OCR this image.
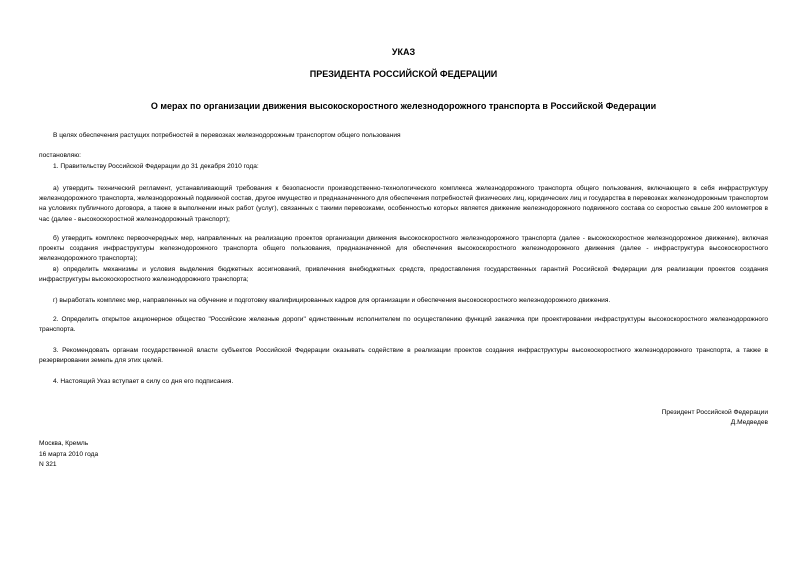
УКАЗ
ПРЕЗИДЕНТА РОССИЙСКОЙ ФЕДЕРАЦИИ
О мерах по организации движения высокоскоростного железнодорожного транспорта в Российской Федерации
В целях обеспечения растущих потребностей в перевозках железнодорожным транспортом общего пользования
постановляю:
1. Правительству Российской Федерации до 31 декабря 2010 года:
а) утвердить технический регламент, устанавливающий требования к безопасности производственно-технологического комплекса железнодорожного транспорта общего пользования, включающего в себя инфраструктуру железнодорожного транспорта, железнодорожный подвижной состав, другое имущество и предназначенного для обеспечения потребностей физических лиц, юридических лиц и государства в перевозках железнодорожным транспортом на условиях публичного договора, а также в выполнении иных работ (услуг), связанных с такими перевозками, особенностью которых является движение железнодорожного подвижного состава со скоростью свыше 200 километров в час (далее - высокоскоростной железнодорожный транспорт);
б) утвердить комплекс первоочередных мер, направленных на реализацию проектов организации движения высокоскоростного железнодорожного транспорта (далее - высокоскоростное железнодорожное движение), включая проекты создания инфраструктуры железнодорожного транспорта общего пользования, предназначенной для обеспечения высокоскоростного железнодорожного движения (далее - инфраструктура высокоскоростного железнодорожного транспорта);
в) определить механизмы и условия выделения бюджетных ассигнований, привлечения внебюджетных средств, предоставления государственных гарантий Российской Федерации для реализации проектов создания инфраструктуры высокоскоростного железнодорожного транспорта;
г) выработать комплекс мер, направленных на обучение и подготовку квалифицированных кадров для организации и обеспечения высокоскоростного железнодорожного движения.
2. Определить открытое акционерное общество "Российские железные дороги" единственным исполнителем по осуществлению функций заказчика при проектировании инфраструктуры высокоскоростного железнодорожного транспорта.
3. Рекомендовать органам государственной власти субъектов Российской Федерации оказывать содействие в реализации проектов создания инфраструктуры высокоскоростного железнодорожного транспорта, а также в резервировании земель для этих целей.
4. Настоящий Указ вступает в силу со дня его подписания.
Президент Российской Федерации
Д.Медведев
Москва, Кремль
16 марта 2010 года
N 321
